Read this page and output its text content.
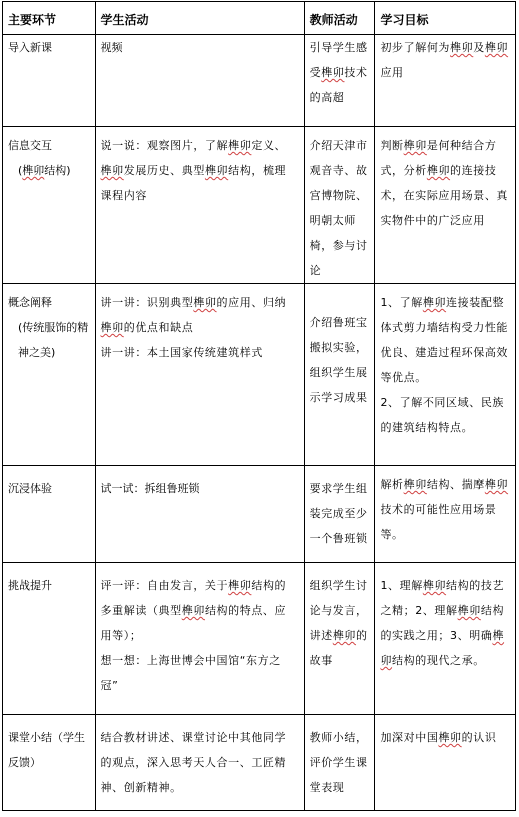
主要环节	学生活动	教师活动	学习目标

导入新课	视频	引导学生感受榫卯技术的高超	初步了解何为榫卯及榫卯应用

信息交互
(榫卯结构)	说一说：观察图片，了解榫卯定义、榫卯发展历史、典型榫卯结构，梳理课程内容	介绍天津市观音寺、故宫博物院、明朝太师椅，参与讨论	判断榫卯是何种结合方式，分析榫卯的连接技术，在实际应用场景、真实物件中的广泛应用

概念阐释
(传统服饰的精神之美)	讲一讲：识别典型榫卯的应用、归纳榫卯的优点和缺点
讲一讲：本土国家传统建筑样式	介绍鲁班宝搬拟实验，组织学生展示学习成果	1、了解榫卯连接装配整体式剪力墙结构受力性能优良、建造过程环保高效等优点。
2、了解不同区域、民族的建筑结构特点。

沉浸体验	试一试：拆组鲁班锁	要求学生组装完成至少一个鲁班锁	解析榫卯结构、揣摩榫卯技术的可能性应用场景等。

挑战提升	评一评：自由发言，关于榫卯结构的多重解读（典型榫卯结构的特点、应用等）；
想一想：上海世博会中国馆“东方之冠”	组织学生讨论与发言，讲述榫卯的故事	1、理解榫卯结构的技艺之精；2、理解榫卯结构的实践之用；3、明确榫卯结构的现代之承。

课堂小结（学生反馈）	结合教材讲述、课堂讨论中其他同学的观点，深入思考天人合一、工匠精神、创新精神。	教师小结，评价学生课堂表现	加深对中国榫卯的认识
